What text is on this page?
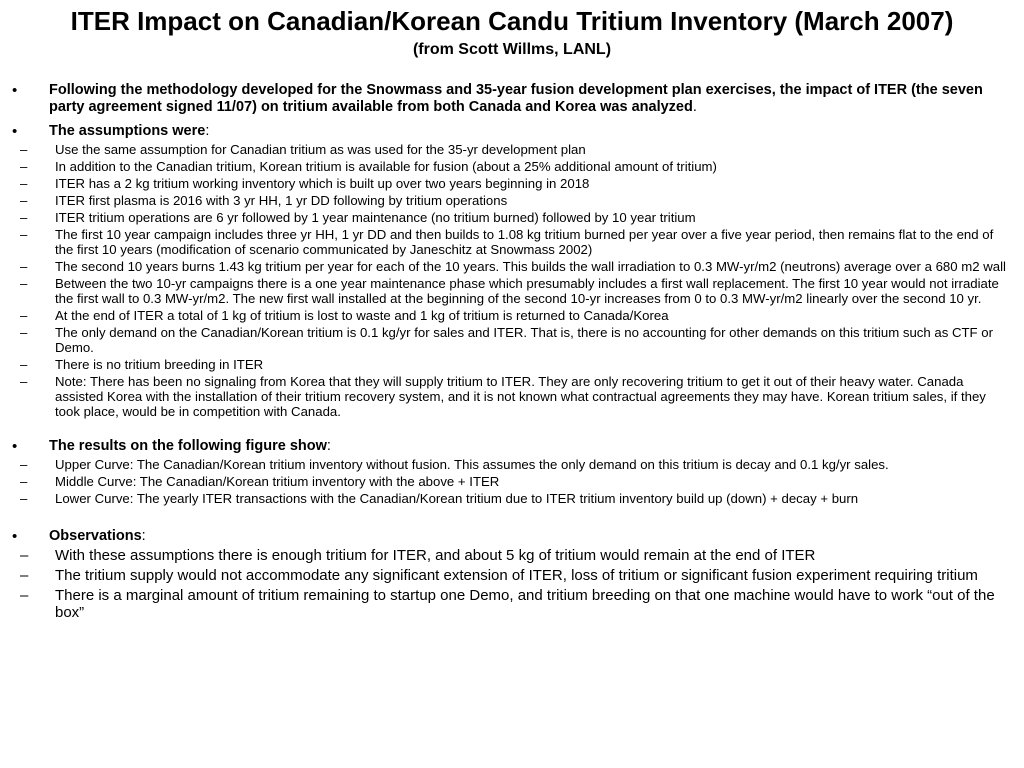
ITER Impact on Canadian/Korean Candu Tritium Inventory (March 2007)
(from Scott Willms, LANL)
• Following the methodology developed for the Snowmass and 35-year fusion development plan exercises, the impact of ITER (the seven party agreement signed 11/07) on tritium available from both Canada and Korea was analyzed.
• The assumptions were:
– Use the same assumption for Canadian tritium as was used for the 35-yr development plan
– In addition to the Canadian tritium, Korean tritium is available for fusion (about a 25% additional amount of tritium)
– ITER has a 2 kg tritium working inventory which is built up over two years beginning in 2018
– ITER first plasma is 2016 with 3 yr HH, 1 yr DD following by tritium operations
– ITER tritium operations are 6 yr followed by 1 year maintenance (no tritium burned) followed by 10 year tritium
– The first 10 year campaign includes three yr HH, 1 yr DD and then builds to 1.08 kg tritium burned per year over a five year period, then remains flat to the end of the first 10 years (modification of scenario communicated by Janeschitz at Snowmass 2002)
– The second 10 years burns 1.43 kg tritium per year for each of the 10 years. This builds the wall irradiation to 0.3 MW-yr/m2 (neutrons) average over a 680 m2 wall
– Between the two 10-yr campaigns there is a one year maintenance phase which presumably includes a first wall replacement. The first 10 year would not irradiate the first wall to 0.3 MW-yr/m2. The new first wall installed at the beginning of the second 10-yr increases from 0 to 0.3 MW-yr/m2 linearly over the second 10 yr.
– At the end of ITER a total of 1 kg of tritium is lost to waste and 1 kg of tritium is returned to Canada/Korea
– The only demand on the Canadian/Korean tritium is 0.1 kg/yr for sales and ITER. That is, there is no accounting for other demands on this tritium such as CTF or Demo.
– There is no tritium breeding in ITER
– Note: There has been no signaling from Korea that they will supply tritium to ITER. They are only recovering tritium to get it out of their heavy water. Canada assisted Korea with the installation of their tritium recovery system, and it is not known what contractual agreements they may have. Korean tritium sales, if they took place, would be in competition with Canada.
• The results on the following figure show:
– Upper Curve: The Canadian/Korean tritium inventory without fusion. This assumes the only demand on this tritium is decay and 0.1 kg/yr sales.
– Middle Curve: The Canadian/Korean tritium inventory with the above + ITER
– Lower Curve: The yearly ITER transactions with the Canadian/Korean tritium due to ITER tritium inventory build up (down) + decay + burn
• Observations:
– With these assumptions there is enough tritium for ITER, and about 5 kg of tritium would remain at the end of ITER
– The tritium supply would not accommodate any significant extension of ITER, loss of tritium or significant fusion experiment requiring tritium
– There is a marginal amount of tritium remaining to startup one Demo, and tritium breeding on that one machine would have to work “out of the box”
